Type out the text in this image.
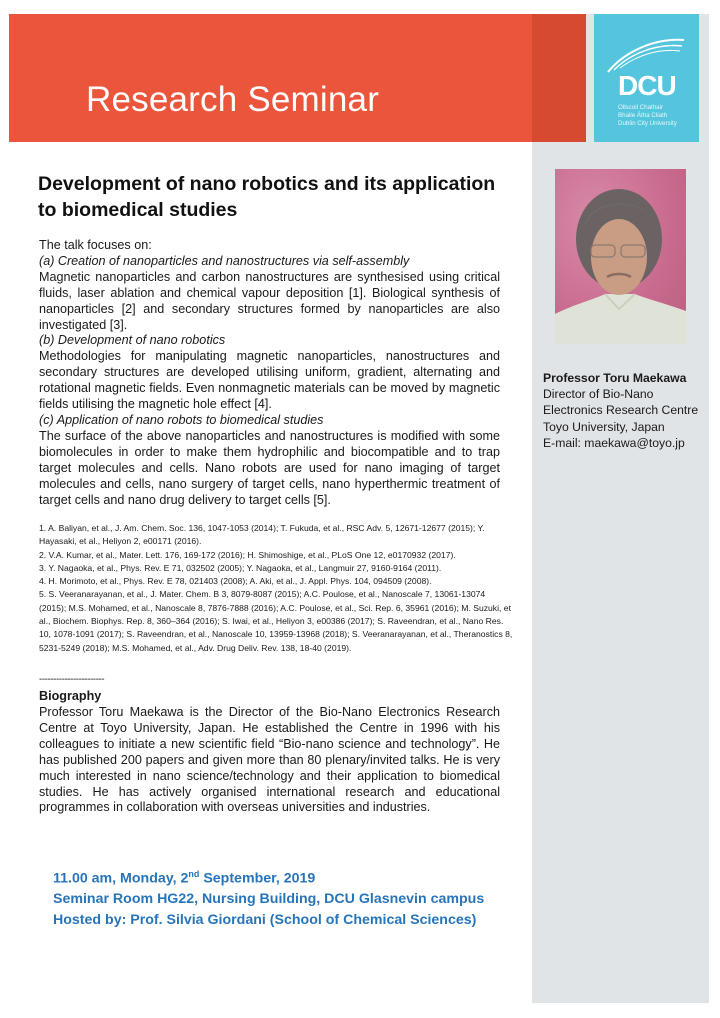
Research Seminar	DCU
Ollscoil Chathair
Bhaile Átha Cliath
Dublin City University
Development of nano robotics and its application
to biomedical studies

The talk focuses on:

(a) Creation of nanoparticles and nanostructures via self-assembly

Magnetic nanoparticles and carbon nanostructures are synthesised using critical fluids, laser ablation and chemical vapour deposition [1]. Biological synthesis of nanoparticles [2] and secondary structures formed by nanoparticles are also investigated [3].

(b) Development of nano robotics

Methodologies for manipulating magnetic nanoparticles, nanostructures and secondary structures are developed utilising uniform, gradient, alternating and rotational magnetic fields. Even nonmagnetic materials can be moved by magnetic fields utilising the magnetic hole effect [4].

(c) Application of nano robots to biomedical studies

The surface of the above nanoparticles and nanostructures is modified with some biomolecules in order to make them hydrophilic and biocompatible and to trap target molecules and cells. Nano robots are used for nano imaging of target molecules and cells, nano surgery of target cells, nano hyperthermic treatment of target cells and nano drug delivery to target cells [5].

1. A. Baliyan, et al., J. Am. Chem. Soc. 136, 1047-1053 (2014); T. Fukuda, et al., RSC Adv. 5, 12671-12677 (2015); Y. Hayasaki, et al., Heliyon 2, e00171 (2016).

2. V.A. Kumar, et al., Mater. Lett. 176, 169-172 (2016); H. Shimoshige, et al., PLoS One 12, e0170932 (2017).

3. Y. Nagaoka, et al., Phys. Rev. E 71, 032502 (2005); Y. Nagaoka, et al., Langmuir 27, 9160-9164 (2011).

4. H. Morimoto, et al., Phys. Rev. E 78, 021403 (2008); A. Aki, et al., J. Appl. Phys. 104, 094509 (2008).

5. S. Veeranarayanan, et al., J. Mater. Chem. B 3, 8079-8087 (2015); A.C. Poulose, et al., Nanoscale 7, 13061-13074 (2015); M.S. Mohamed, et al., Nanoscale 8, 7876-7888 (2016); A.C. Poulose, et al., Sci. Rep. 6, 35961 (2016); M. Suzuki, et al., Biochem. Biophys. Rep. 8, 360–364 (2016); S. Iwai, et al., Heliyon 3, e00386 (2017); S. Raveendran, et al., Nano Res. 10, 1078-1091 (2017); S. Raveendran, et al., Nanoscale 10, 13959-13968 (2018); S. Veeranarayanan, et al., Theranostics 8, 5231-5249 (2018); M.S. Mohamed, et al., Adv. Drug Deliv. Rev. 138, 18-40 (2019).

-----------------------
Biography
Professor Toru Maekawa is the Director of the Bio-Nano Electronics Research Centre at Toyo University, Japan. He established the Centre in 1996 with his colleagues to initiate a new scientific field “Bio-nano science and technology”. He has published 200 papers and given more than 80 plenary/invited talks. He is very much interested in nano science/technology and their application to biomedical studies. He has actively organised international research and educational programmes in collaboration with overseas universities and industries.
11.00 am, Monday, 2nd September, 2019
Seminar Room HG22, Nursing Building, DCU Glasnevin campus
Hosted by: Prof. Silvia Giordani (School of Chemical Sciences)
Professor Toru Maekawa
Director of Bio-Nano
Electronics Research Centre
Toyo University, Japan
E-mail: maekawa@toyo.jp
